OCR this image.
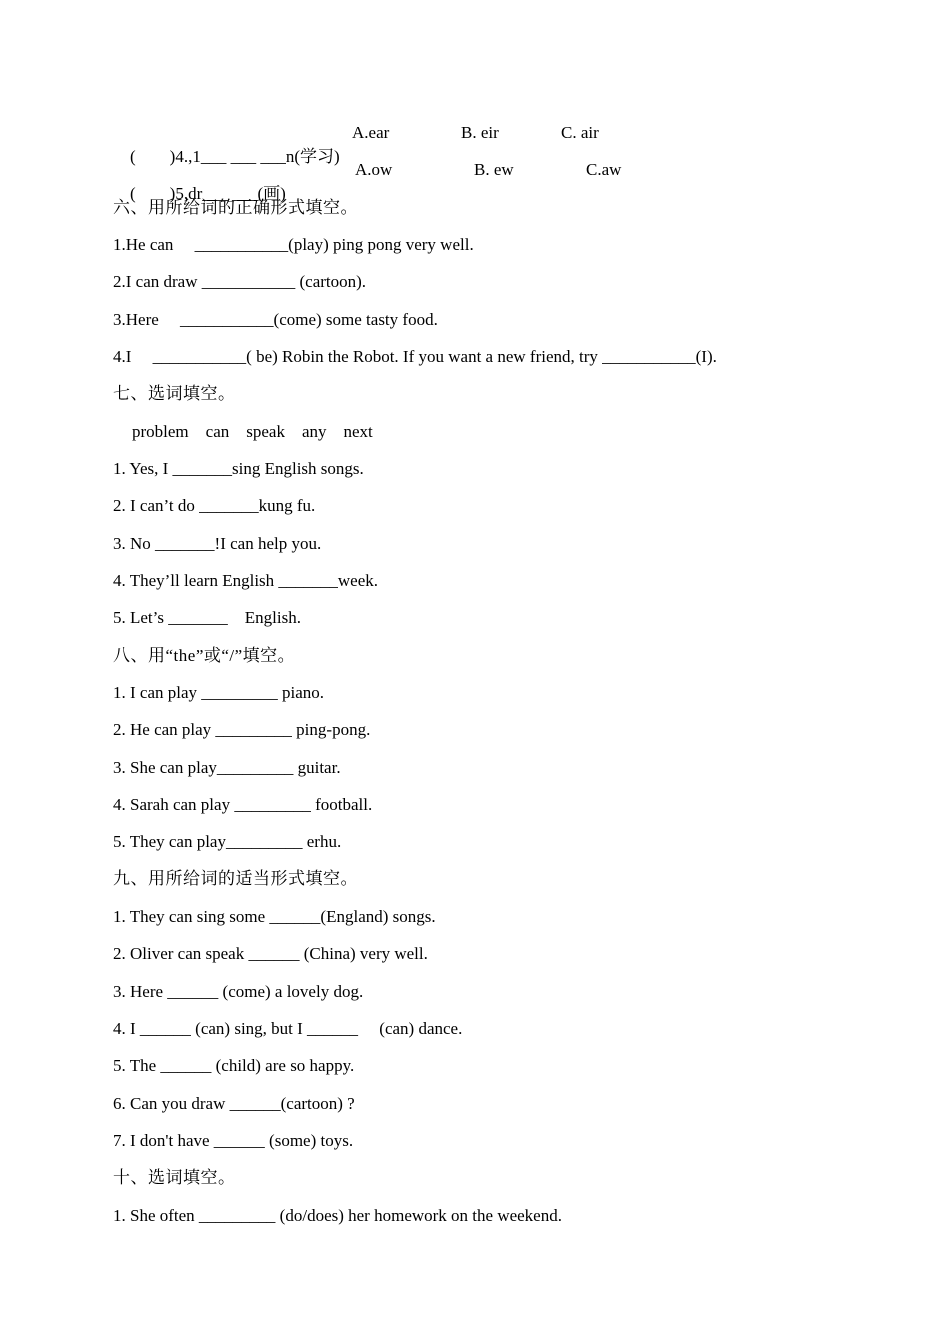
(        )4.,1___ ___ ___n(学习)

A.ear	B. eir	C. air

(        )5,dr___ ___(画)

A.ow	B. ew	C.aw
六、用所给词的正确形式填空。
1.He can     ___________(play) ping pong very well.
2.I can draw ___________ (cartoon).
3.Here     ___________(come) some tasty food.
4.I     ___________( be) Robin the Robot. If you want a new friend, try ___________(I).
七、选词填空。
problem    can    speak    any    next
1. Yes, I _______sing English songs.
2. I can’t do _______kung fu.
3. No _______!I can help you.
4. They’ll learn English _______week.
5. Let’s _______    English.
八、用“the”或“/”填空。
1. I can play _________ piano.
2. He can play _________ ping-pong.
3. She can play_________ guitar.
4. Sarah can play _________ football.
5. They can play_________ erhu.
九、用所给词的适当形式填空。
1. They can sing some ______(England) songs.
2. Oliver can speak ______ (China) very well.
3. Here ______ (come) a lovely dog.
4. I ______ (can) sing, but I ______     (can) dance.
5. The ______ (child) are so happy.
6. Can you draw ______(cartoon) ?
7. I don't have ______ (some) toys.
十、选词填空。
1. She often _________ (do/does) her homework on the weekend.
